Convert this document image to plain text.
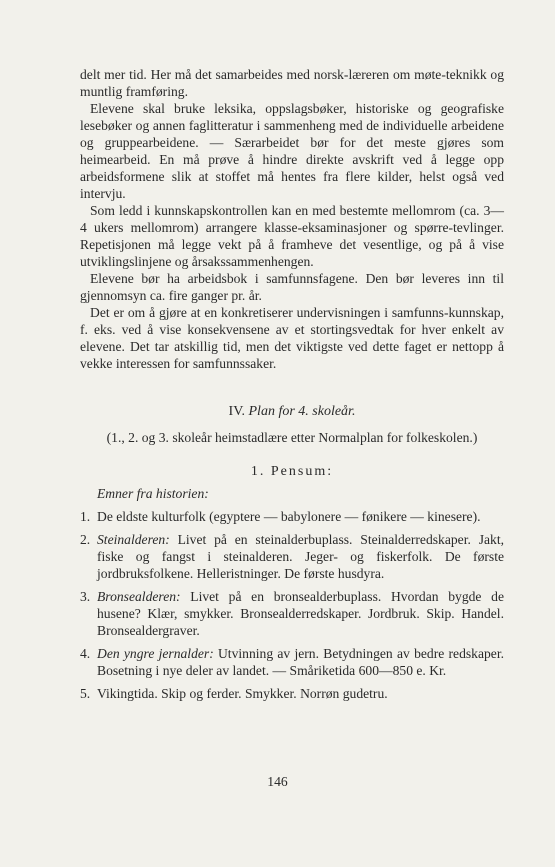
delt mer tid. Her må det samarbeides med norsk-læreren om møte-teknikk og muntlig framføring.

Elevene skal bruke leksika, oppslagsbøker, historiske og geografiske lesebøker og annen faglitteratur i sammenheng med de individuelle arbeidene og gruppearbeidene. — Særarbeidet bør for det meste gjøres som heimearbeid. En må prøve å hindre direkte avskrift ved å legge opp arbeidsformene slik at stoffet må hentes fra flere kilder, helst også ved intervju.

Som ledd i kunnskapskontrollen kan en med bestemte mellomrom (ca. 3—4 ukers mellomrom) arrangere klasse-eksaminasjoner og spørre-tevlinger. Repetisjonen må legge vekt på å framheve det vesentlige, og på å vise utviklingslinjene og årsakssammenhengen.

Elevene bør ha arbeidsbok i samfunnsfagene. Den bør leveres inn til gjennomsyn ca. fire ganger pr. år.

Det er om å gjøre at en konkretiserer undervisningen i samfunns-kunnskap, f. eks. ved å vise konsekvensene av et stortingsvedtak for hver enkelt av elevene. Det tar atskillig tid, men det viktigste ved dette faget er nettopp å vekke interessen for samfunnssaker.

IV. Plan for 4. skoleår.
(1., 2. og 3. skoleår heimstadlære etter Normalplan for folkeskolen.)
1. Pensum:
Emner fra historien:
1. De eldste kulturfolk (egyptere — babylonere — fønikere — kinesere).
2. Steinalderen: Livet på en steinalderbuplass. Steinalderredskaper. Jakt, fiske og fangst i steinalderen. Jeger- og fiskerfolk. De første jordbruksfolkene. Helleristninger. De første husdyra.
3. Bronsealderen: Livet på en bronsealderbuplass. Hvordan bygde de husene? Klær, smykker. Bronsealderredskaper. Jordbruk. Skip. Handel. Bronsealdergraver.
4. Den yngre jernalder: Utvinning av jern. Betydningen av bedre redskaper. Bosetning i nye deler av landet. — Småriketida 600—850 e. Kr.
5. Vikingtida. Skip og ferder. Smykker. Norrøn gudetru.
146
